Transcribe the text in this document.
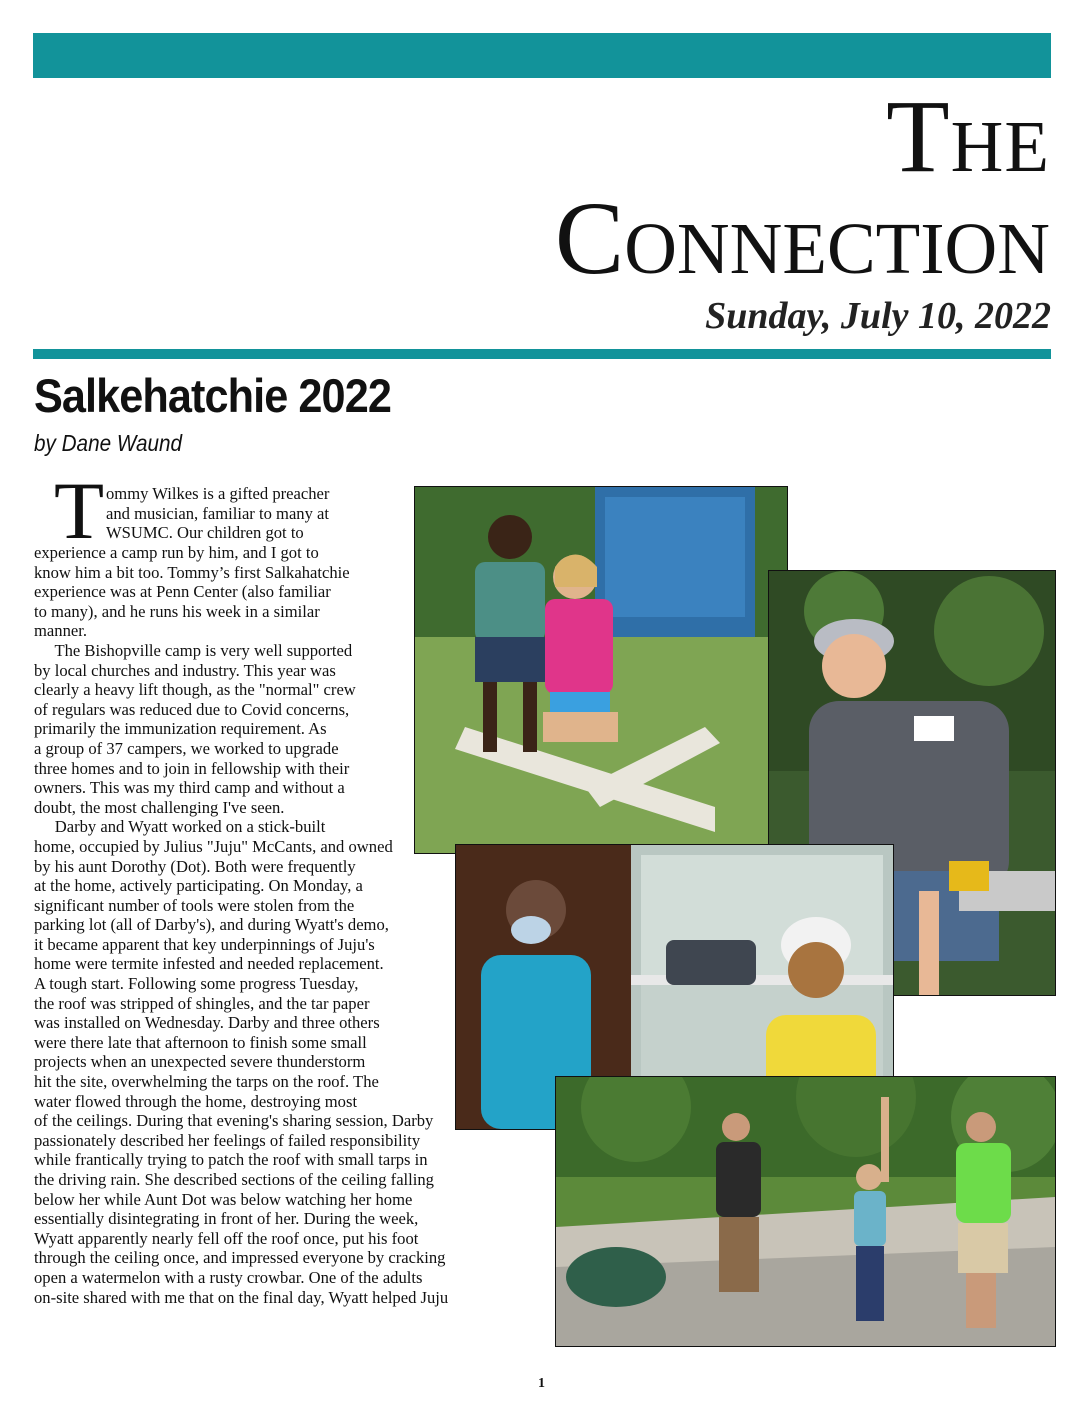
The
Connection
Sunday, July 10, 2022
Salkehatchie 2022
by Dane Waund
T ommy Wilkes is a gifted preacher
and musician, familiar to many at
WSUMC. Our children got to
experience a camp run by him, and I got to
know him a bit too. Tommy’s first Salkahatchie
experience was at Penn Center (also familiar
to many), and he runs his week in a similar
manner.
The Bishopville camp is very well supported
by local churches and industry. This year was
clearly a heavy lift though, as the "normal" crew
of regulars was reduced due to Covid concerns,
primarily the immunization requirement. As
a group of 37 campers, we worked to upgrade
three homes and to join in fellowship with their
owners. This was my third camp and without a
doubt, the most challenging I've seen.
Darby and Wyatt worked on a stick-built
home, occupied by Julius "Juju" McCants, and owned
by his aunt Dorothy (Dot). Both were frequently
at the home, actively participating. On Monday, a
significant number of tools were stolen from the
parking lot (all of Darby's), and during Wyatt's demo,
it became apparent that key underpinnings of Juju's
home were termite infested and needed replacement.
A tough start. Following some progress Tuesday,
the roof was stripped of shingles, and the tar paper
was installed on Wednesday. Darby and three others
were there late that afternoon to finish some small
projects when an unexpected severe thunderstorm
hit the site, overwhelming the tarps on the roof. The
water flowed through the home, destroying most
of the ceilings. During that evening's sharing session, Darby
passionately described her feelings of failed responsibility
while frantically trying to patch the roof with small tarps in
the driving rain. She described sections of the ceiling falling
below her while Aunt Dot was below watching her home
essentially disintegrating in front of her. During the week,
Wyatt apparently nearly fell off the roof once, put his foot
through the ceiling once, and impressed everyone by cracking
open a watermelon with a rusty crowbar. One of the adults
on-site shared with me that on the final day, Wyatt helped Juju
1
